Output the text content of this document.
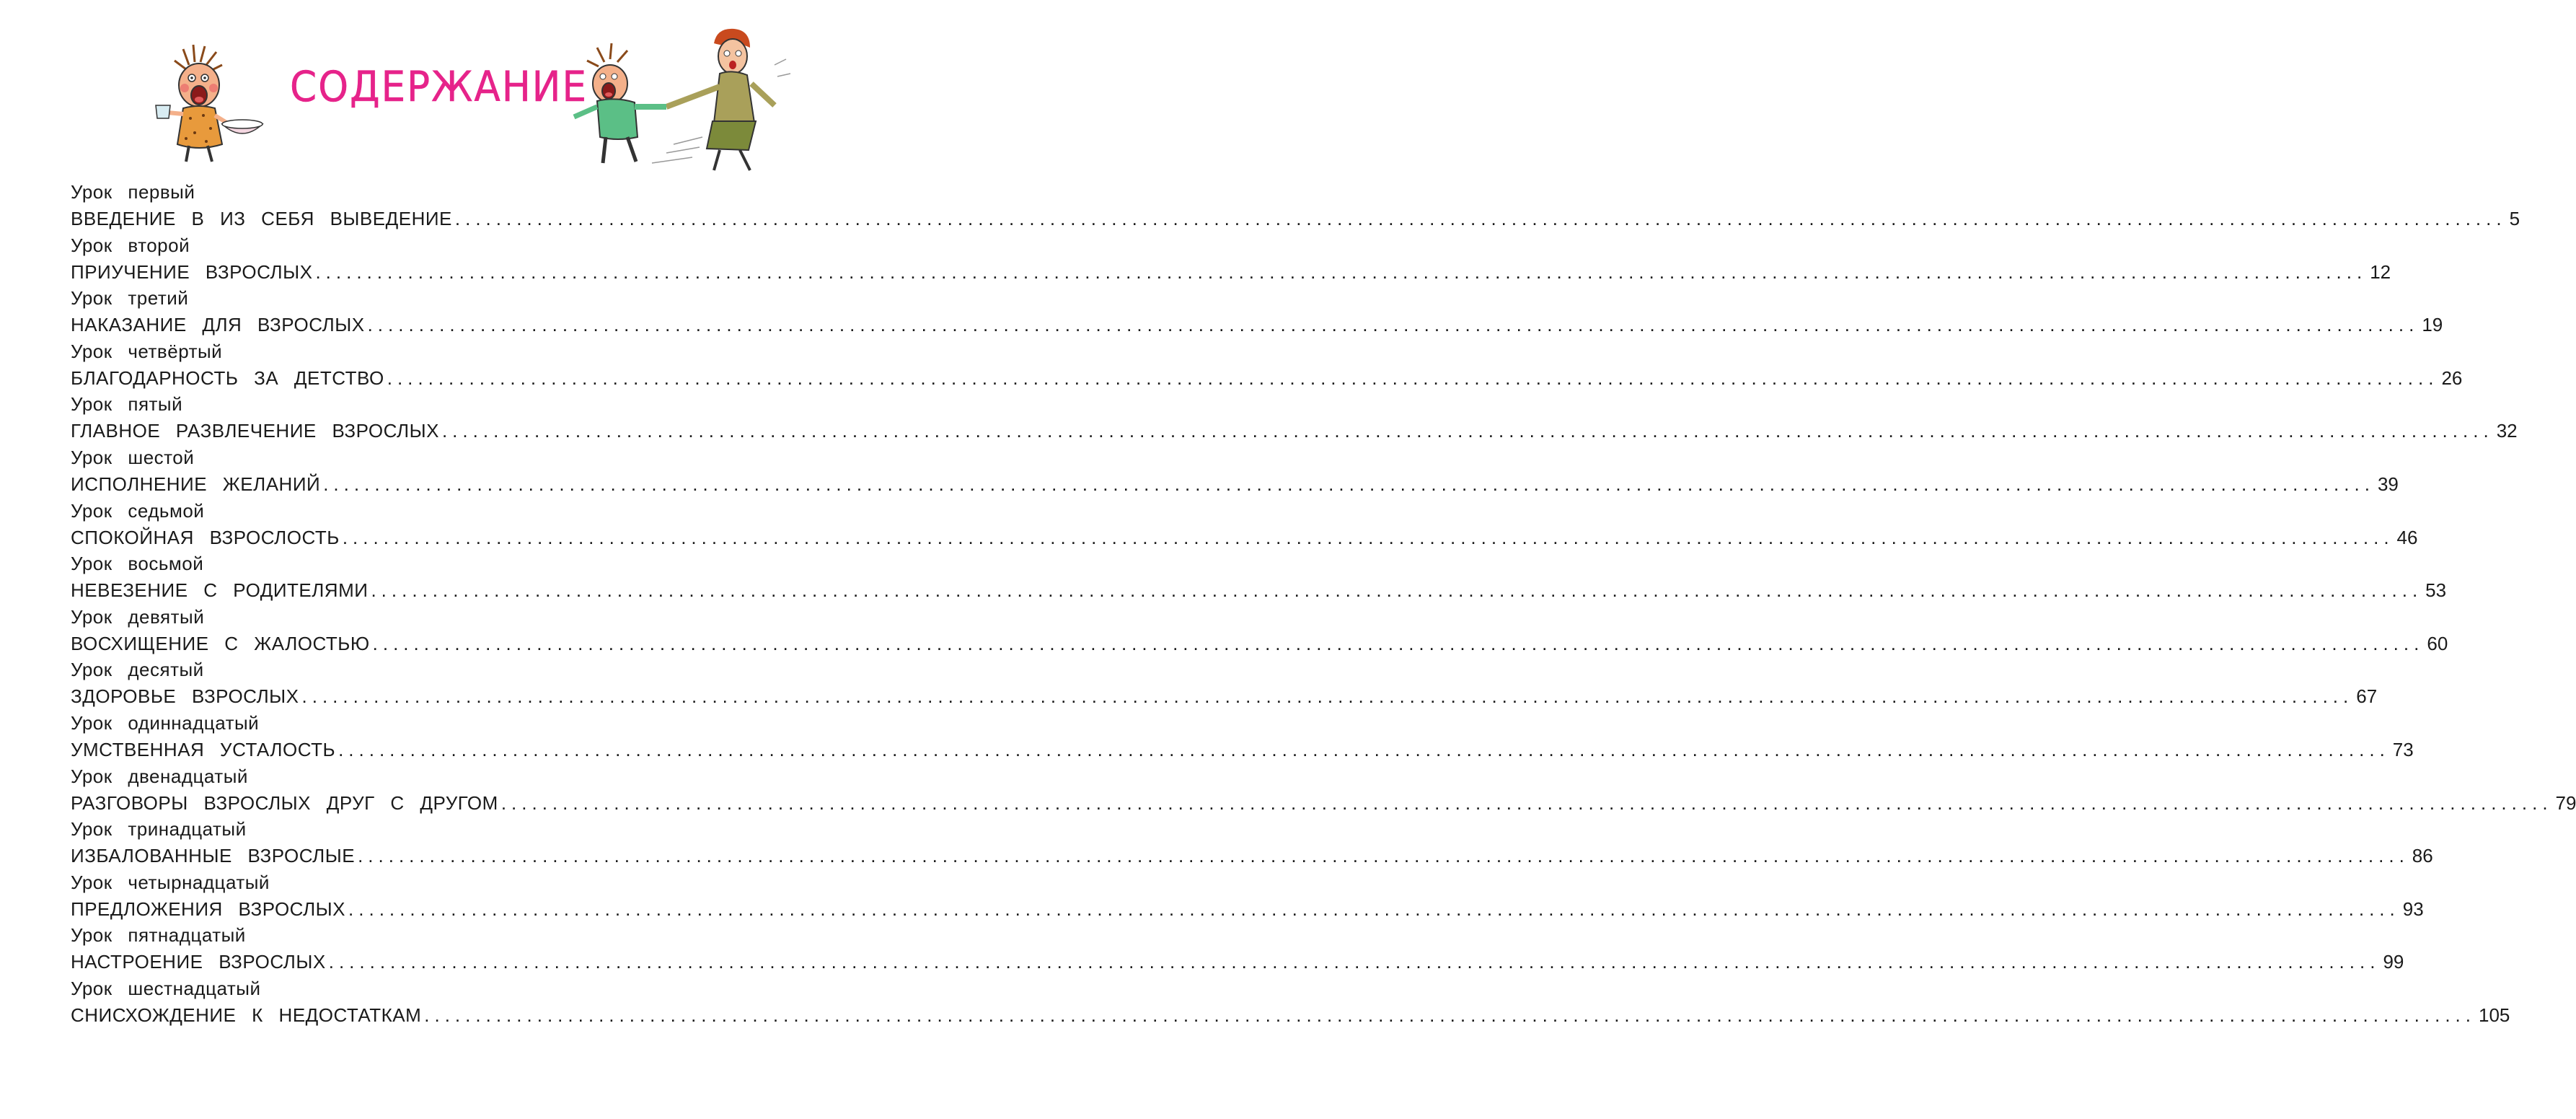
СОДЕРЖАНИЕ
Урок первый
ВВЕДЕНИЕ В ИЗ СЕБЯ ВЫВЕДЕНИЕ ........................................................................................................................................................................................................ 5
Урок второй
ПРИУЧЕНИЕ ВЗРОСЛЫХ ........................................................................................................................................................................................................ 12
Урок третий
НАКАЗАНИЕ ДЛЯ ВЗРОСЛЫХ ........................................................................................................................................................................................................ 19
Урок четвёртый
БЛАГОДАРНОСТЬ ЗА ДЕТСТВО ........................................................................................................................................................................................................ 26
Урок пятый
ГЛАВНОЕ РАЗВЛЕЧЕНИЕ ВЗРОСЛЫХ ........................................................................................................................................................................................................ 32
Урок шестой
ИСПОЛНЕНИЕ ЖЕЛАНИЙ ........................................................................................................................................................................................................ 39
Урок седьмой
СПОКОЙНАЯ ВЗРОСЛОСТЬ ........................................................................................................................................................................................................ 46
Урок восьмой
НЕВЕЗЕНИЕ С РОДИТЕЛЯМИ ........................................................................................................................................................................................................ 53
Урок девятый
ВОСХИЩЕНИЕ С ЖАЛОСТЬЮ ........................................................................................................................................................................................................ 60
Урок десятый
ЗДОРОВЬЕ ВЗРОСЛЫХ ........................................................................................................................................................................................................ 67
Урок одиннадцатый
УМСТВЕННАЯ УСТАЛОСТЬ ........................................................................................................................................................................................................ 73
Урок двенадцатый
РАЗГОВОРЫ ВЗРОСЛЫХ ДРУГ С ДРУГОМ ........................................................................................................................................................................................................ 79
Урок тринадцатый
ИЗБАЛОВАННЫЕ ВЗРОСЛЫЕ ........................................................................................................................................................................................................ 86
Урок четырнадцатый
ПРЕДЛОЖЕНИЯ ВЗРОСЛЫХ ........................................................................................................................................................................................................ 93
Урок пятнадцатый
НАСТРОЕНИЕ ВЗРОСЛЫХ ........................................................................................................................................................................................................ 99
Урок шестнадцатый
СНИСХОЖДЕНИЕ К НЕДОСТАТКАМ ........................................................................................................................................................................................................ 105
